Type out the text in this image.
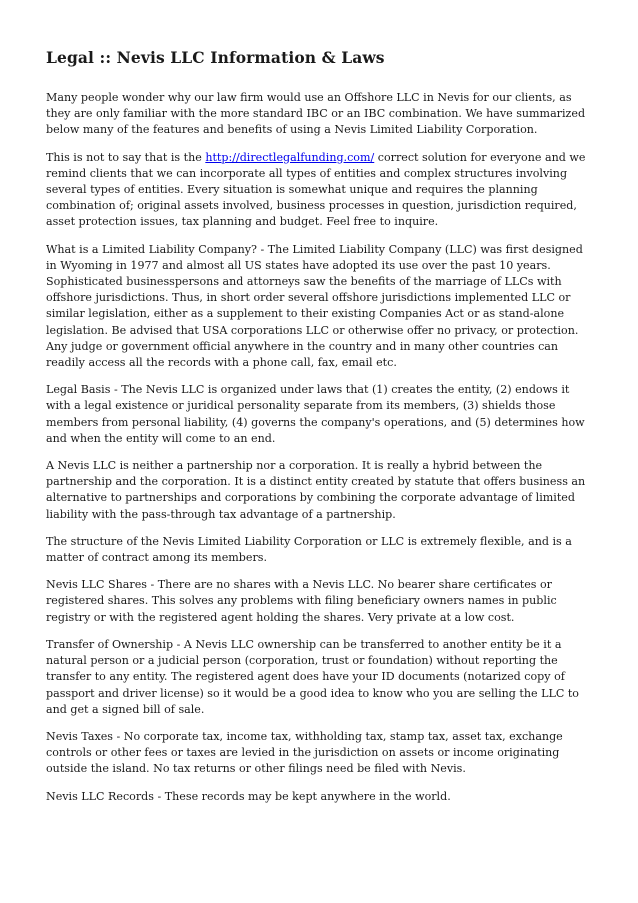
Legal :: Nevis LLC Information & Laws

Many people wonder why our law firm would use an Offshore LLC in Nevis for our clients, as they are only familiar with the more standard IBC or an IBC combination. We have summarized below many of the features and benefits of using a Nevis Limited Liability Corporation.

This is not to say that is the http://directlegalfunding.com/ correct solution for everyone and we remind clients that we can incorporate all types of entities and complex structures involving several types of entities. Every situation is somewhat unique and requires the planning combination of; original assets involved, business processes in question, jurisdiction required, asset protection issues, tax planning and budget. Feel free to inquire.

What is a Limited Liability Company? - The Limited Liability Company (LLC) was first designed in Wyoming in 1977 and almost all US states have adopted its use over the past 10 years. Sophisticated businesspersons and attorneys saw the benefits of the marriage of LLCs with offshore jurisdictions. Thus, in short order several offshore jurisdictions implemented LLC or similar legislation, either as a supplement to their existing Companies Act or as stand-alone legislation. Be advised that USA corporations LLC or otherwise offer no privacy, or protection. Any judge or government official anywhere in the country and in many other countries can readily access all the records with a phone call, fax, email etc.

Legal Basis - The Nevis LLC is organized under laws that (1) creates the entity, (2) endows it with a legal existence or juridical personality separate from its members, (3) shields those members from personal liability, (4) governs the company's operations, and (5) determines how and when the entity will come to an end.

A Nevis LLC is neither a partnership nor a corporation. It is really a hybrid between the partnership and the corporation. It is a distinct entity created by statute that offers business an alternative to partnerships and corporations by combining the corporate advantage of limited liability with the pass-through tax advantage of a partnership.

The structure of the Nevis Limited Liability Corporation or LLC is extremely flexible, and is a matter of contract among its members.

Nevis LLC Shares - There are no shares with a Nevis LLC. No bearer share certificates or registered shares. This solves any problems with filing beneficiary owners names in public registry or with the registered agent holding the shares. Very private at a low cost.

Transfer of Ownership - A Nevis LLC ownership can be transferred to another entity be it a natural person or a judicial person (corporation, trust or foundation) without reporting the transfer to any entity. The registered agent does have your ID documents (notarized copy of passport and driver license) so it would be a good idea to know who you are selling the LLC to and get a signed bill of sale.

Nevis Taxes - No corporate tax, income tax, withholding tax, stamp tax, asset tax, exchange controls or other fees or taxes are levied in the jurisdiction on assets or income originating outside the island. No tax returns or other filings need be filed with Nevis.

Nevis LLC Records - These records may be kept anywhere in the world.
